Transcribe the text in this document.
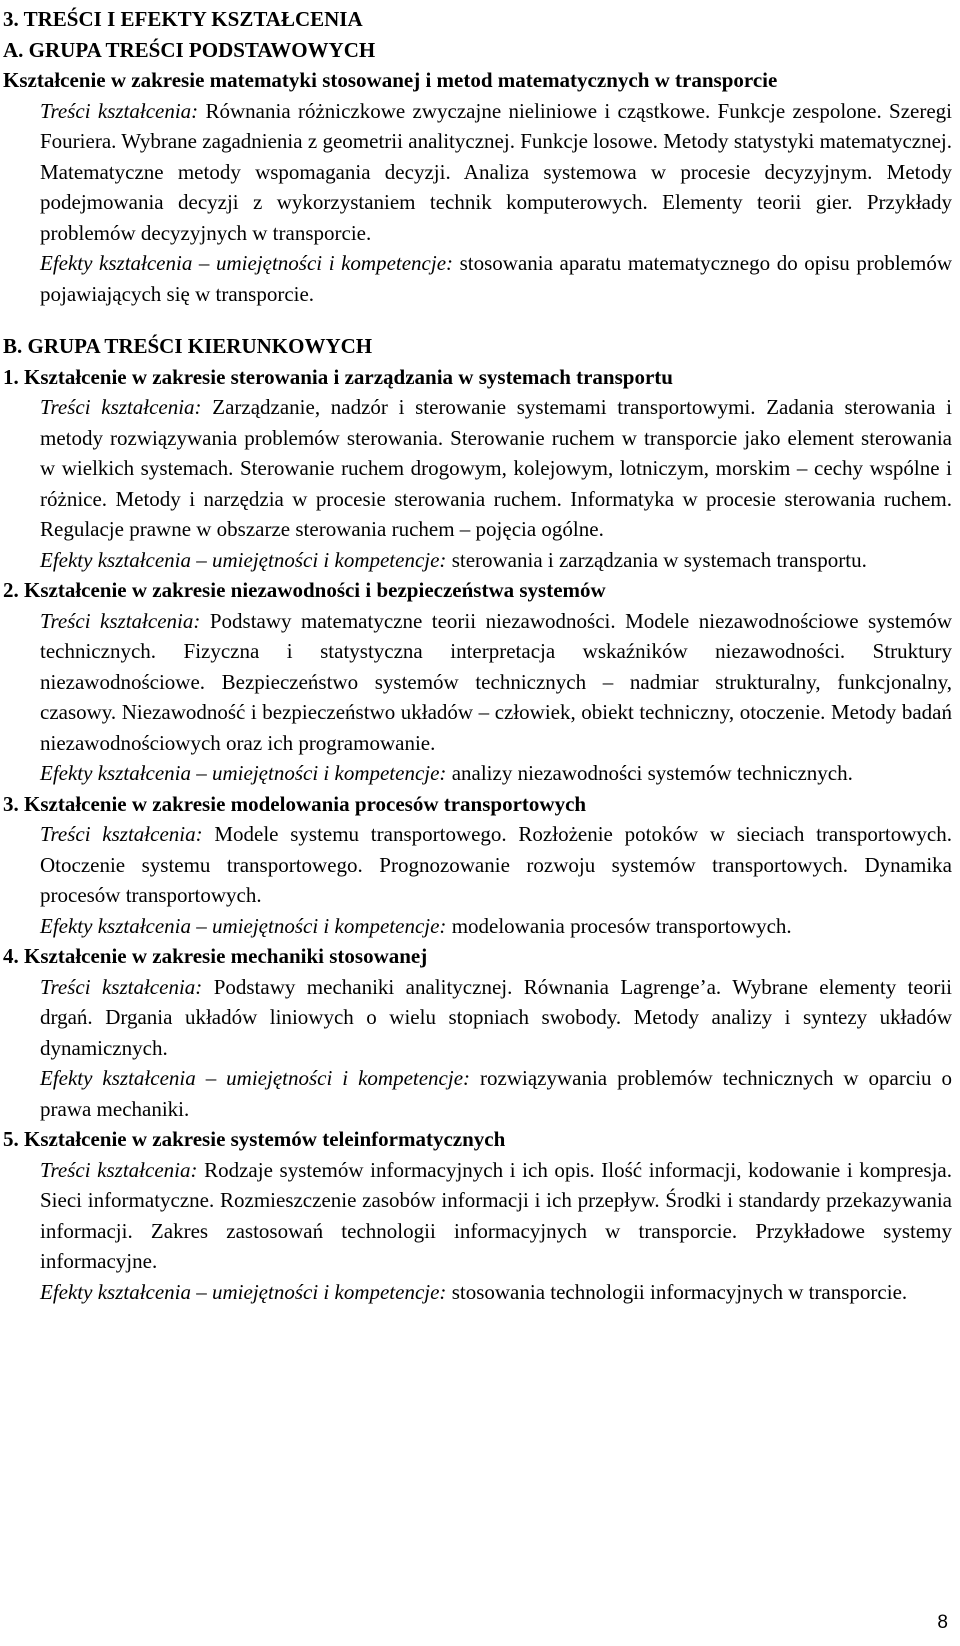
3. TREŚCI I EFEKTY KSZTAŁCENIA

A. GRUPA TREŚCI PODSTAWOWYCH

Kształcenie w zakresie matematyki stosowanej i metod matematycznych w transporcie

Treści kształcenia: Równania różniczkowe zwyczajne nieliniowe i cząstkowe. Funkcje zespolone. Szeregi Fouriera. Wybrane zagadnienia z geometrii analitycznej. Funkcje losowe. Metody statystyki matematycznej. Matematyczne metody wspomagania decyzji. Analiza systemowa w procesie decyzyjnym. Metody podejmowania decyzji z wykorzystaniem technik komputerowych. Elementy teorii gier. Przykłady problemów decyzyjnych w transporcie.

Efekty kształcenia – umiejętności i kompetencje: stosowania aparatu matematycznego do opisu problemów pojawiających się w transporcie.

B. GRUPA TREŚCI KIERUNKOWYCH

1. Kształcenie w zakresie sterowania i zarządzania w systemach transportu

Treści kształcenia: Zarządzanie, nadzór i sterowanie systemami transportowymi. Zadania sterowania i metody rozwiązywania problemów sterowania. Sterowanie ruchem w transporcie jako element sterowania w wielkich systemach. Sterowanie ruchem drogowym, kolejowym, lotniczym, morskim – cechy wspólne i różnice. Metody i narzędzia w procesie sterowania ruchem. Informatyka w procesie sterowania ruchem. Regulacje prawne w obszarze sterowania ruchem – pojęcia ogólne.

Efekty kształcenia – umiejętności i kompetencje: sterowania i zarządzania w systemach transportu.

2. Kształcenie w zakresie niezawodności i bezpieczeństwa systemów

Treści kształcenia: Podstawy matematyczne teorii niezawodności. Modele niezawodnościowe systemów technicznych. Fizyczna i statystyczna interpretacja wskaźników niezawodności. Struktury niezawodnościowe. Bezpieczeństwo systemów technicznych – nadmiar strukturalny, funkcjonalny, czasowy. Niezawodność i bezpieczeństwo układów – człowiek, obiekt techniczny, otoczenie. Metody badań niezawodnościowych oraz ich programowanie.

Efekty kształcenia – umiejętności i kompetencje: analizy niezawodności systemów technicznych.

3. Kształcenie w zakresie modelowania procesów transportowych

Treści kształcenia: Modele systemu transportowego. Rozłożenie potoków w sieciach transportowych. Otoczenie systemu transportowego. Prognozowanie rozwoju systemów transportowych. Dynamika procesów transportowych.

Efekty kształcenia – umiejętności i kompetencje: modelowania procesów transportowych.

4. Kształcenie w zakresie mechaniki stosowanej

Treści kształcenia: Podstawy mechaniki analitycznej. Równania Lagrenge’a. Wybrane elementy teorii drgań. Drgania układów liniowych o wielu stopniach swobody. Metody analizy i syntezy układów dynamicznych.

Efekty kształcenia – umiejętności i kompetencje: rozwiązywania problemów technicznych w oparciu o prawa mechaniki.

5. Kształcenie w zakresie systemów teleinformatycznych

Treści kształcenia: Rodzaje systemów informacyjnych i ich opis. Ilość informacji, kodowanie i kompresja. Sieci informatyczne. Rozmieszczenie zasobów informacji i ich przepływ. Środki i standardy przekazywania informacji. Zakres zastosowań technologii informacyjnych w transporcie. Przykładowe systemy informacyjne.

Efekty kształcenia – umiejętności i kompetencje: stosowania technologii informacyjnych w transporcie.

8
